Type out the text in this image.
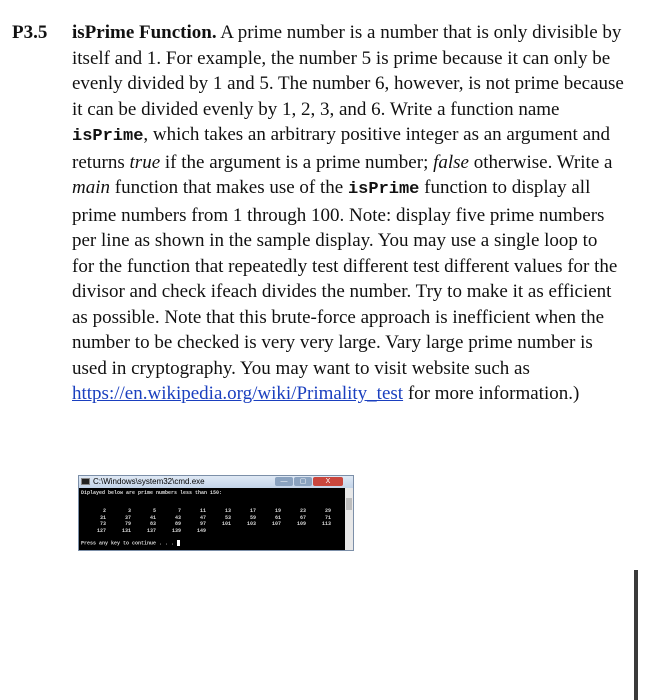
P3.5 isPrime Function. A prime number is a number that is only divisible by itself and 1. For example, the number 5 is prime because it can only be evenly divided by 1 and 5. The number 6, however, is not prime because it can be divided evenly by 1, 2, 3, and 6. Write a function name isPrime, which takes an arbitrary positive integer as an argument and returns true if the argument is a prime number; false otherwise. Write a main function that makes use of the isPrime function to display all prime numbers from 1 through 100. Note: display five prime numbers per line as shown in the sample display. You may use a single loop to for the function that repeatedly test different test different values for the divisor and check ifeach divides the number. Try to make it as efficient as possible. Note that this brute-force approach is inefficient when the number to be checked is very very large. Vary large prime number is used in cryptography. You may want to visit website such as https://en.wikipedia.org/wiki/Primality_test for more information.)
C:\Windows\system32\cmd.exe	—	▢	X
Diplayed below are prime numbers less than 150:
2	3	5	7	11	13	17	19	23	29
31	37	41	43	47	53	59	61	67	71
73	79	83	89	97	101	103	107	109	113
127	131	137	139	149
Press any key to continue . . .
